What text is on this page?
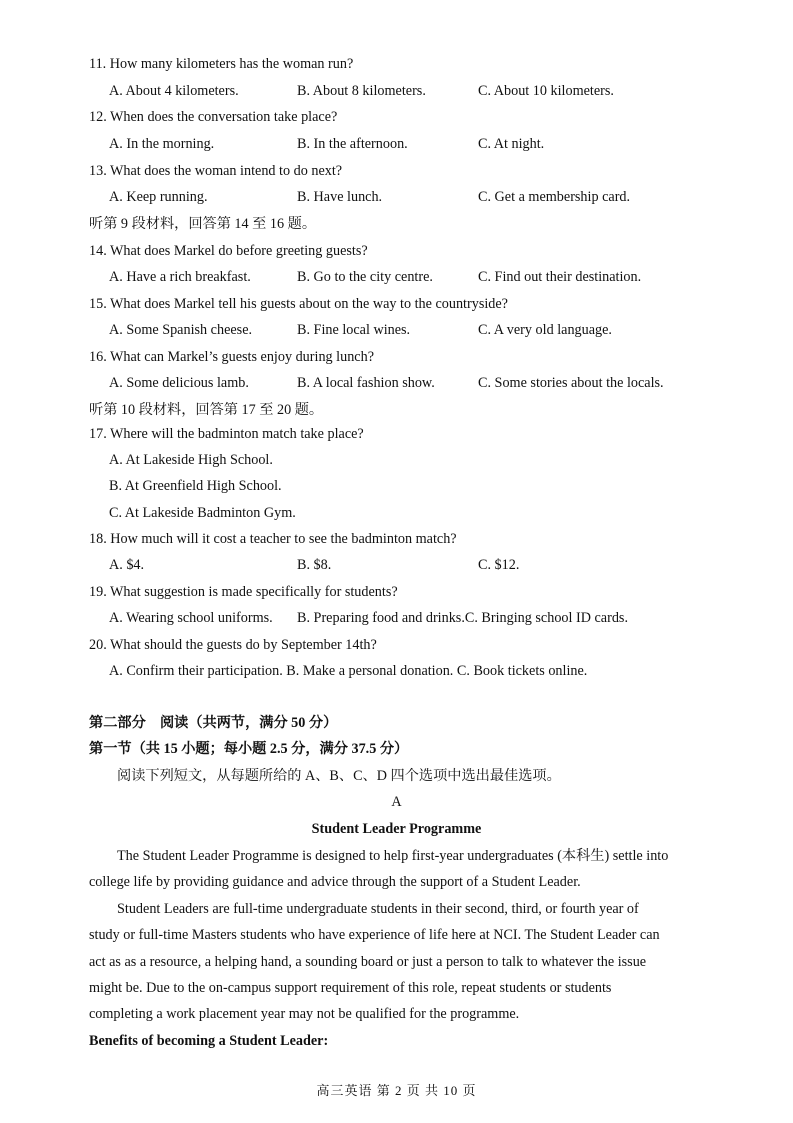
11. How many kilometers has the woman run?
A. About 4 kilometers.	B. About 8 kilometers.	C. About 10 kilometers.
12. When does the conversation take place?
A. In the morning.	B. In the afternoon.	C. At night.
13. What does the woman intend to do next?
A. Keep running.	B. Have lunch.	C. Get a membership card.
听第 9 段材料，回答第 14 至 16 题。
14. What does Markel do before greeting guests?
A. Have a rich breakfast.	B. Go to the city centre.	C. Find out their destination.
15. What does Markel tell his guests about on the way to the countryside?
A. Some Spanish cheese.	B. Fine local wines.	C. A very old language.
16. What can Markel’s guests enjoy during lunch?
A. Some delicious lamb.	B. A local fashion show.	C. Some stories about the locals.
听第 10 段材料，回答第 17 至 20 题。
17. Where will the badminton match take place?
A. At Lakeside High School.
B. At Greenfield High School.
C. At Lakeside Badminton Gym.
18. How much will it cost a teacher to see the badminton match?
A. $4.	B. $8.	C. $12.
19. What suggestion is made specifically for students?
A. Wearing school uniforms. B. Preparing food and drinks.C. Bringing school ID cards.
20. What should the guests do by September 14th?
A. Confirm their participation. B. Make a personal donation. C. Book tickets online.
第二部分　阅读（共两节，满分 50 分）
第一节（共 15 小题；每小题 2.5 分，满分 37.5 分）
阅读下列短文，从每题所给的 A、B、C、D 四个选项中选出最佳选项。
A
Student Leader Programme
The Student Leader Programme is designed to help first-year undergraduates (本科生) settle into
college life by providing guidance and advice through the support of a Student Leader.
Student Leaders are full-time undergraduate students in their second, third, or fourth year of
study or full-time Masters students who have experience of life here at NCI. The Student Leader can
act as as a resource, a helping hand, a sounding board or just a person to talk to whatever the issue
might be. Due to the on-campus support requirement of this role, repeat students or students
completing a work placement year may not be qualified for the programme.
Benefits of becoming a Student Leader:
高三英语 第 2 页 共 10 页
